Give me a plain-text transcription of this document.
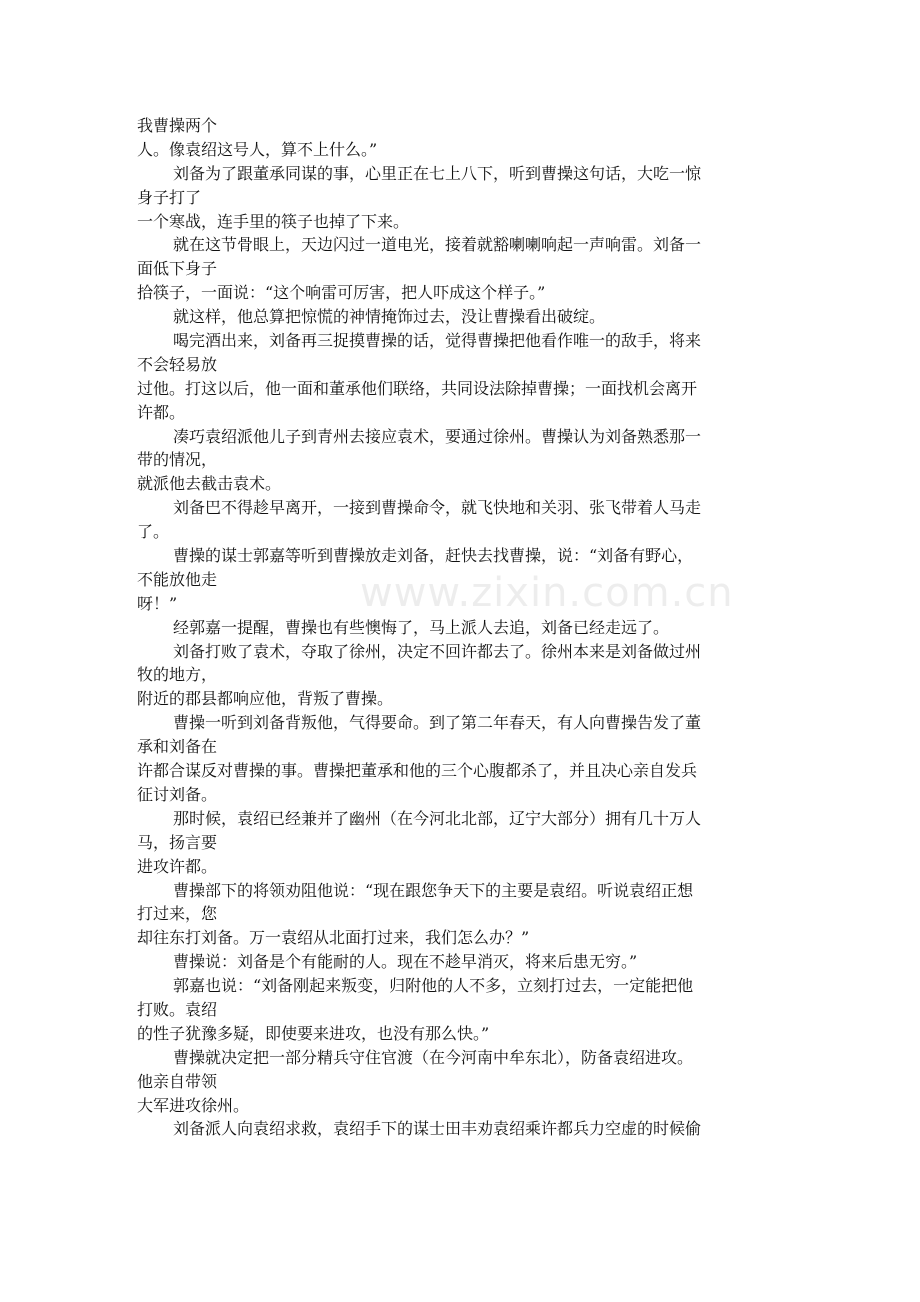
www.zixin.com.cn
我曹操两个
人。像袁绍这号人，算不上什么。”
刘备为了跟董承同谋的事，心里正在七上八下，听到曹操这句话，大吃一惊
身子打了
一个寒战，连手里的筷子也掉了下来。
就在这节骨眼上，天边闪过一道电光，接着就豁喇喇响起一声响雷。刘备一
面低下身子
拾筷子，一面说：“这个响雷可厉害，把人吓成这个样子。”
就这样，他总算把惊慌的神情掩饰过去，没让曹操看出破绽。
喝完酒出来，刘备再三捉摸曹操的话，觉得曹操把他看作唯一的敌手，将来
不会轻易放
过他。打这以后，他一面和董承他们联络，共同设法除掉曹操；一面找机会离开
许都。
凑巧袁绍派他儿子到青州去接应袁术，要通过徐州。曹操认为刘备熟悉那一
带的情况，
就派他去截击袁术。
刘备巴不得趁早离开，一接到曹操命令，就飞快地和关羽、张飞带着人马走
了。
曹操的谋士郭嘉等听到曹操放走刘备，赶快去找曹操，说：“刘备有野心，
不能放他走
呀！”
经郭嘉一提醒，曹操也有些懊悔了，马上派人去追，刘备已经走远了。
刘备打败了袁术，夺取了徐州，决定不回许都去了。徐州本来是刘备做过州
牧的地方，
附近的郡县都响应他，背叛了曹操。
曹操一听到刘备背叛他，气得要命。到了第二年春天，有人向曹操告发了董
承和刘备在
许都合谋反对曹操的事。曹操把董承和他的三个心腹都杀了，并且决心亲自发兵
征讨刘备。
那时候，袁绍已经兼并了幽州（在今河北北部，辽宁大部分）拥有几十万人
马，扬言要
进攻许都。
曹操部下的将领劝阻他说：“现在跟您争天下的主要是袁绍。听说袁绍正想
打过来，您
却往东打刘备。万一袁绍从北面打过来，我们怎么办？”
曹操说：刘备是个有能耐的人。现在不趁早消灭，将来后患无穷。”
郭嘉也说：“刘备刚起来叛变，归附他的人不多，立刻打过去，一定能把他
打败。袁绍
的性子犹豫多疑，即使要来进攻，也没有那么快。”
曹操就决定把一部分精兵守住官渡（在今河南中牟东北），防备袁绍进攻。
他亲自带领
大军进攻徐州。
刘备派人向袁绍求救，袁绍手下的谋士田丰劝袁绍乘许都兵力空虚的时候偷
